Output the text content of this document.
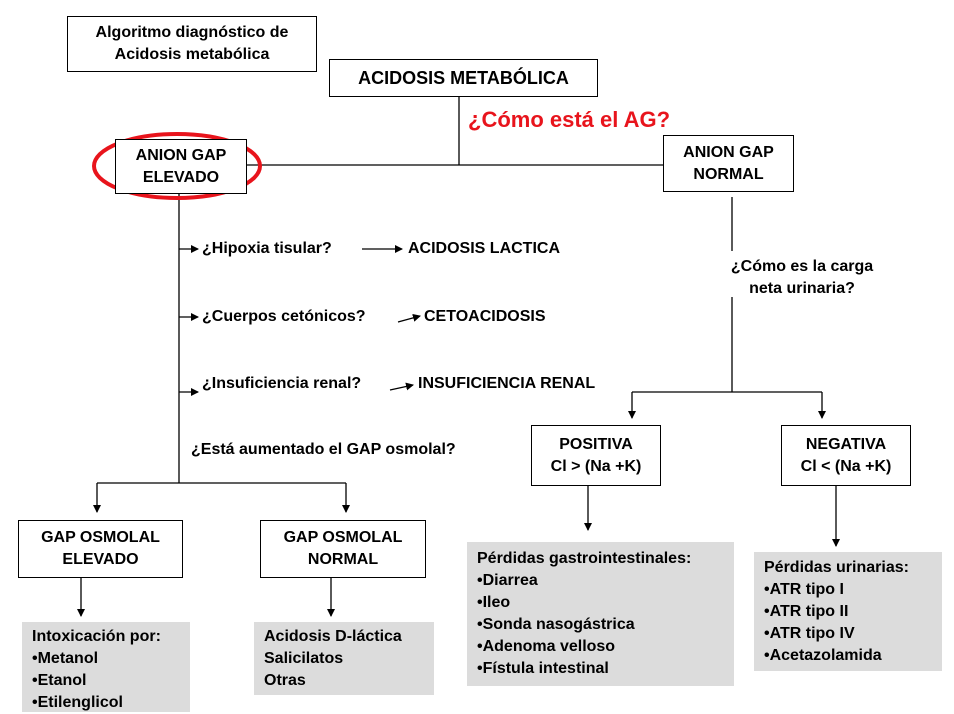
Algoritmo diagnóstico de
Acidosis metabólica
ACIDOSIS METABÓLICA
¿Cómo está el AG?
ANION GAP
ELEVADO
ANION GAP
NORMAL
¿Hipoxia tisular?	ACIDOSIS LACTICA
¿Cuerpos cetónicos?	CETOACIDOSIS
¿Insuficiencia renal?	INSUFICIENCIA RENAL
¿Está aumentado el GAP osmolal?
¿Cómo es la carga
neta urinaria?
POSITIVA
Cl > (Na +K)
NEGATIVA
Cl < (Na +K)
GAP OSMOLAL
ELEVADO
GAP OSMOLAL
NORMAL
Intoxicación por:
•Metanol
•Etanol
•Etilenglicol
Acidosis D-láctica
Salicilatos
Otras
Pérdidas gastrointestinales:
•Diarrea
•Ileo
•Sonda nasogástrica
•Adenoma velloso
•Fístula intestinal
Pérdidas urinarias:
•ATR tipo I
•ATR tipo II
•ATR tipo IV
•Acetazolamida
